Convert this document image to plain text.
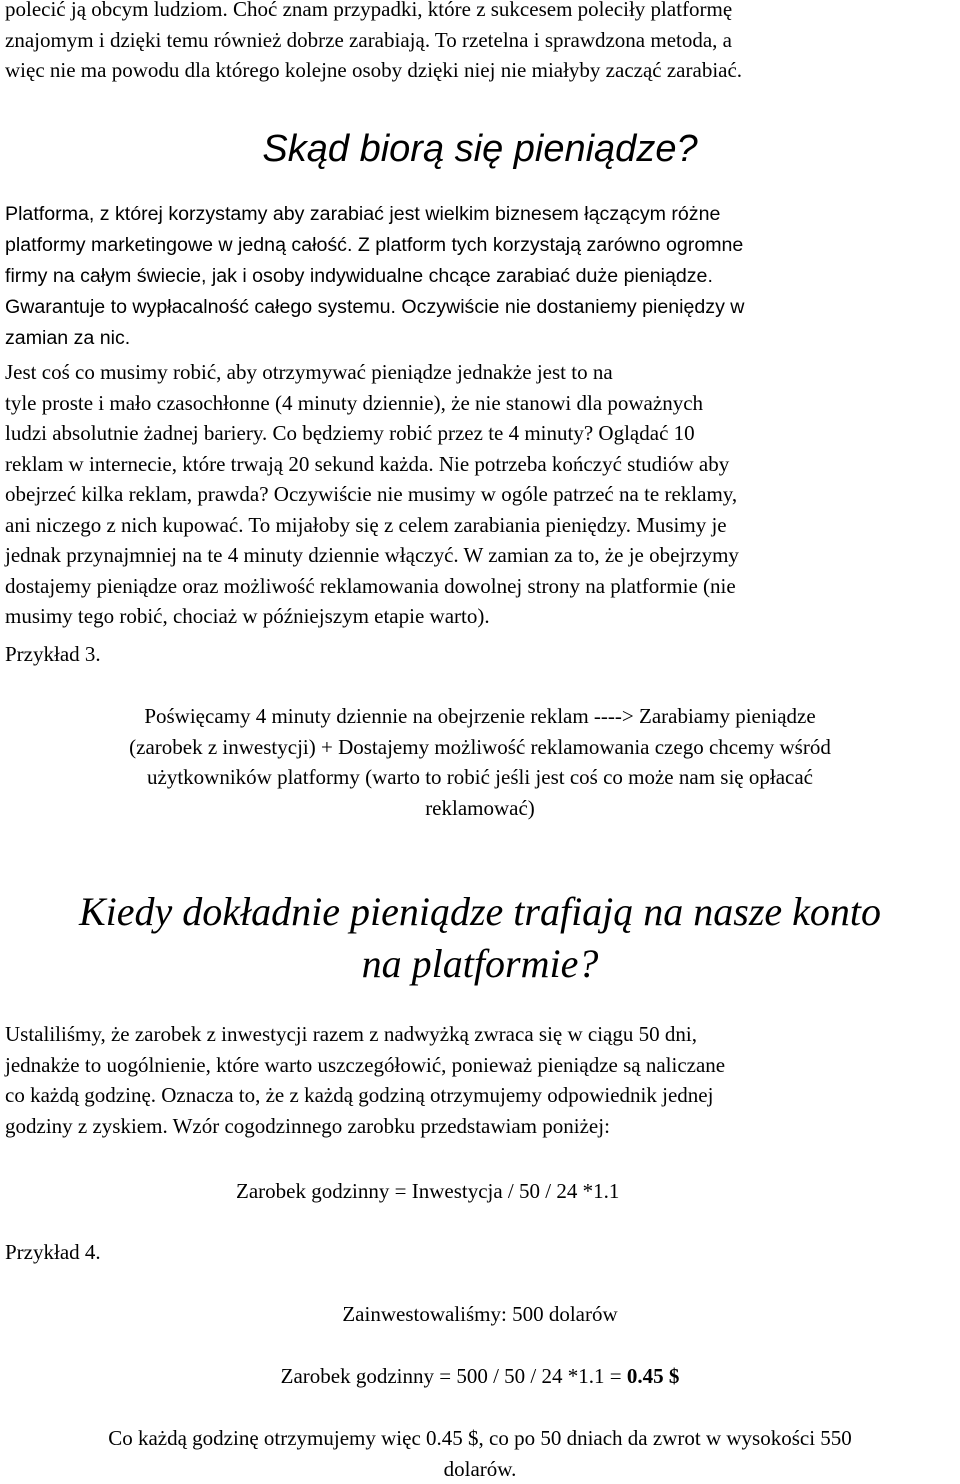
polecić ją obcym ludziom. Choć znam przypadki, które z sukcesem poleciły platformę
znajomym i dzięki temu również dobrze zarabiają. To rzetelna i sprawdzona metoda, a
więc nie ma powodu dla którego kolejne osoby dzięki niej nie miałyby zacząć zarabiać.

Skąd biorą się pieniądze?

Platforma, z której korzystamy aby zarabiać jest wielkim biznesem łączącym różne
platformy marketingowe w jedną całość. Z platform tych korzystają zarówno ogromne
firmy na całym świecie, jak i osoby indywidualne chcące zarabiać duże pieniądze.
Gwarantuje to wypłacalność całego systemu. Oczywiście nie dostaniemy pieniędzy w
zamian za nic.

Jest coś co musimy robić, aby otrzymywać pieniądze jednakże jest to na
tyle proste i mało czasochłonne (4 minuty dziennie), że nie stanowi dla poważnych
ludzi absolutnie żadnej bariery. Co będziemy robić przez te 4 minuty? Oglądać 10
reklam w internecie, które trwają 20 sekund każda. Nie potrzeba kończyć studiów aby
obejrzeć kilka reklam, prawda? Oczywiście nie musimy w ogóle patrzeć na te reklamy,
ani niczego z nich kupować. To mijałoby się z celem zarabiania pieniędzy. Musimy je
jednak przynajmniej na te 4 minuty dziennie włączyć. W zamian za to, że je obejrzymy
dostajemy pieniądze oraz możliwość reklamowania dowolnej strony na platformie (nie
musimy tego robić, chociaż w późniejszym etapie warto).

Przykład 3.

Poświęcamy 4 minuty dziennie na obejrzenie reklam ----> Zarabiamy pieniądze
(zarobek z inwestycji) + Dostajemy możliwość reklamowania czego chcemy wśród
użytkowników platformy (warto to robić jeśli jest coś co może nam się opłacać
reklamować)

Kiedy dokładnie pieniądze trafiają na nasze konto
na platformie?

Ustaliliśmy, że zarobek z inwestycji razem z nadwyżką zwraca się w ciągu 50 dni,
jednakże to uogólnienie, które warto uszczegółowić, ponieważ pieniądze są naliczane
co każdą godzinę. Oznacza to, że z każdą godziną otrzymujemy odpowiednik jednej
godziny z zyskiem. Wzór cogodzinnego zarobku przedstawiam poniżej:

Zarobek godzinny = Inwestycja / 50 / 24 *1.1

Przykład 4.

Zainwestowaliśmy: 500 dolarów

Zarobek godzinny = 500 / 50 / 24 *1.1 = 0.45 $

Co każdą godzinę otrzymujemy więc 0.45 $, co po 50 dniach da zwrot w wysokości 550
dolarów.
